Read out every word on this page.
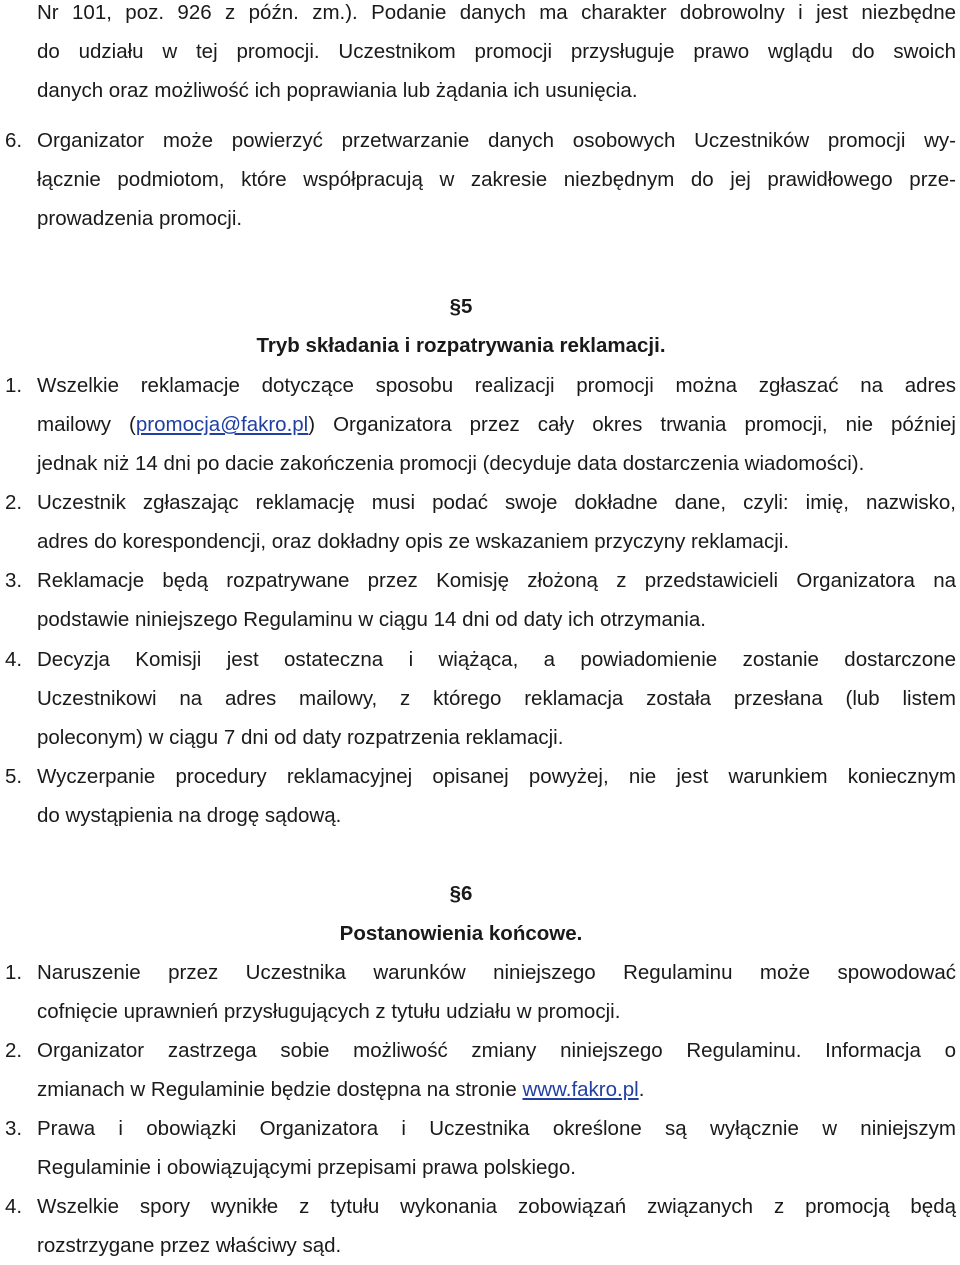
Nr 101, poz. 926 z późn. zm.). Podanie danych ma charakter dobrowolny i jest niezbędne
do udziału w tej promocji. Uczestnikom promocji przysługuje prawo wglądu do swoich
danych oraz możliwość ich poprawiania lub żądania ich usunięcia.
6. Organizator może powierzyć przetwarzanie danych osobowych Uczestników promocji wy-
łącznie podmiotom, które współpracują w zakresie niezbędnym do jej prawidłowego prze-
prowadzenia promocji.
§5
Tryb składania i rozpatrywania reklamacji.
1. Wszelkie reklamacje dotyczące sposobu realizacji promocji można zgłaszać na adres
mailowy (promocja@fakro.pl) Organizatora przez cały okres trwania promocji, nie później
jednak niż 14 dni po dacie zakończenia promocji (decyduje data dostarczenia wiadomości).
2. Uczestnik zgłaszając reklamację musi podać swoje dokładne dane, czyli: imię, nazwisko,
adres do korespondencji, oraz dokładny opis ze wskazaniem przyczyny reklamacji.
3. Reklamacje będą rozpatrywane przez Komisję złożoną z przedstawicieli Organizatora na
podstawie niniejszego Regulaminu w ciągu 14 dni od daty ich otrzymania.
4. Decyzja Komisji jest ostateczna i wiążąca, a powiadomienie zostanie dostarczone
Uczestnikowi na adres mailowy, z którego reklamacja została przesłana (lub listem
poleconym) w ciągu 7 dni od daty rozpatrzenia reklamacji.
5. Wyczerpanie procedury reklamacyjnej opisanej powyżej, nie jest warunkiem koniecznym
do wystąpienia na drogę sądową.
§6
Postanowienia końcowe.
1. Naruszenie przez Uczestnika warunków niniejszego Regulaminu może spowodować
cofnięcie uprawnień przysługujących z tytułu udziału w promocji.
2. Organizator zastrzega sobie możliwość zmiany niniejszego Regulaminu. Informacja o
zmianach w Regulaminie będzie dostępna na stronie www.fakro.pl.
3. Prawa i obowiązki Organizatora i Uczestnika określone są wyłącznie w niniejszym
Regulaminie i obowiązującymi przepisami prawa polskiego.
4. Wszelkie spory wynikłe z tytułu wykonania zobowiązań związanych z promocją będą
rozstrzygane przez właściwy sąd.
